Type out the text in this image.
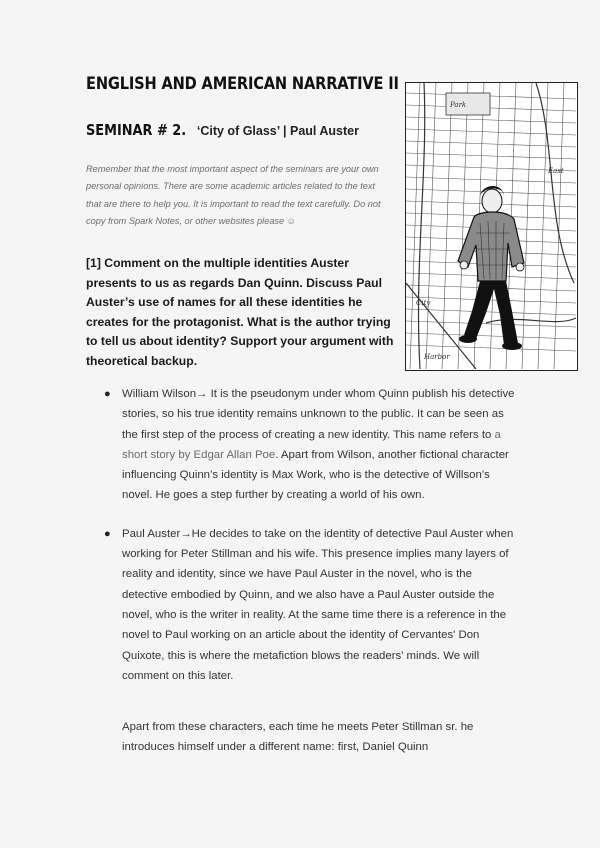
ENGLISH AND AMERICAN NARRATIVE II
SEMINAR # 2. ‘City of Glass’ | Paul Auster

Remember that the most important aspect of the seminars are your own personal opinions. There are some academic articles related to the text that are there to help you. It is important to read the text carefully. Do not copy from Spark Notes, or other websites please ☺

[1] Comment on the multiple identities Auster presents to us as regards Dan Quinn. Discuss Paul Auster’s use of names for all these identities he creates for the protagonist. What is the author trying to tell us about identity? Support your argument with theoretical backup.

Park
East
City
Harbor
● William Wilson→ It is the pseudonym under whom Quinn publish his detective stories, so his true identity remains unknown to the public. It can be seen as the first step of the process of creating a new identity. This name refers to a short story by Edgar Allan Poe. Apart from Wilson, another fictional character influencing Quinn’s identity is Max Work, who is the detective of Willson’s novel. He goes a step further by creating a world of his own.
● Paul Auster→He decides to take on the identity of detective Paul Auster when working for Peter Stillman and his wife. This presence implies many layers of reality and identity, since we have Paul Auster in the novel, who is the detective embodied by Quinn, and we also have a Paul Auster outside the novel, who is the writer in reality. At the same time there is a reference in the novel to Paul working on an article about the identity of Cervantes' Don Quixote, this is where the metafiction blows the readers' minds. We will comment on this later.

Apart from these characters, each time he meets Peter Stillman sr. he introduces himself under a different name: first, Daniel Quinn
